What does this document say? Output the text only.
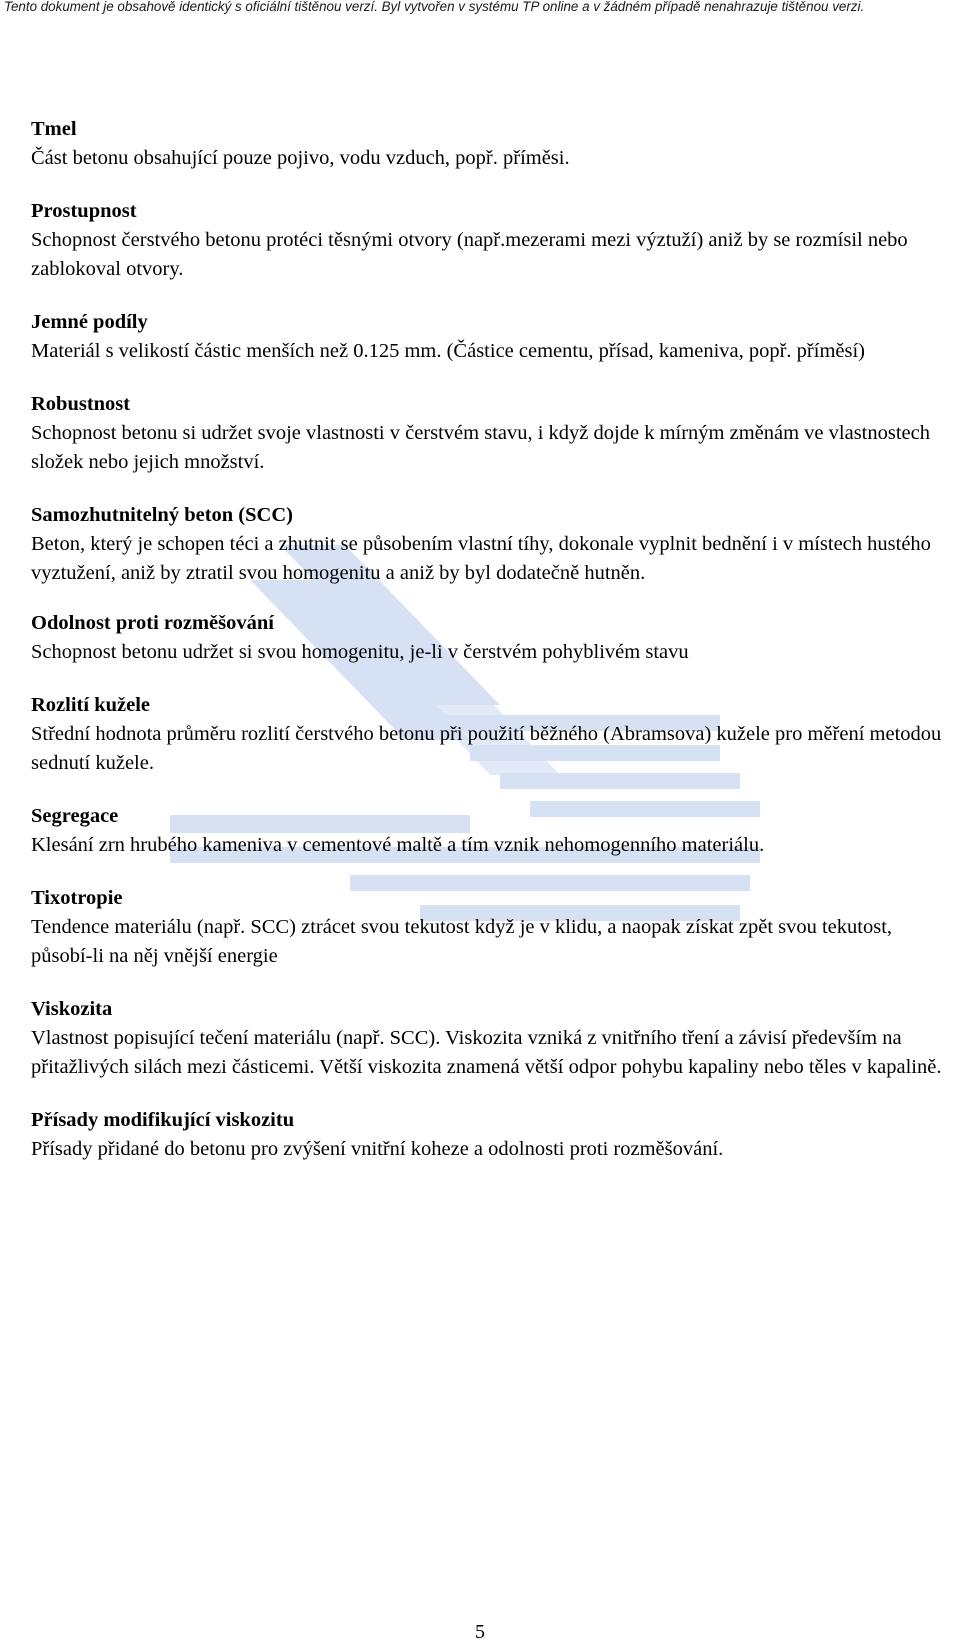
Tento dokument je obsahově identický s oficiální tištěnou verzí. Byl vytvořen v systému TP online a v žádném případě nenahrazuje tištěnou verzi.
Tmel
Část betonu obsahující pouze pojivo, vodu vzduch, popř. příměsi.
Prostupnost
Schopnost čerstvého betonu protéci těsnými otvory (např.mezerami mezi výztuží) aniž by se rozmísil nebo zablokoval otvory.
Jemné podíly
Materiál s velikostí částic menších než 0.125 mm. (Částice cementu, přísad, kameniva, popř. příměsí)
Robustnost
Schopnost betonu si udržet svoje vlastnosti v čerstvém stavu, i když dojde k mírným změnám ve vlastnostech složek nebo jejich množství.
Samozhutnitelný beton (SCC)
Beton, který je schopen téci a zhutnit se působením vlastní tíhy, dokonale vyplnit bednění i v místech hustého vyztužení, aniž by ztratil svou homogenitu a aniž by byl dodatečně hutněn.
Odolnost proti rozměšování
Schopnost betonu udržet si svou homogenitu, je-li v čerstvém pohyblivém stavu
Rozlití kužele
Střední hodnota průměru rozlití čerstvého betonu při použití běžného (Abramsova) kužele pro měření metodou sednutí kužele.
Segregace
Klesání zrn hrubého kameniva v cementové maltě a tím vznik nehomogenního materiálu.
Tixotropie
Tendence materiálu (např. SCC) ztrácet svou tekutost když je v klidu, a naopak získat zpět svou tekutost, působí-li na něj vnější energie
Viskozita
Vlastnost popisující tečení materiálu (např. SCC). Viskozita vzniká z vnitřního tření a závisí především na přitažlivých silách mezi částicemi. Větší viskozita znamená větší odpor pohybu kapaliny nebo těles v kapalině.
Přísady modifikující viskozitu
Přísady přidané do betonu pro zvýšení vnitřní koheze a odolnosti proti rozměšování.
5
